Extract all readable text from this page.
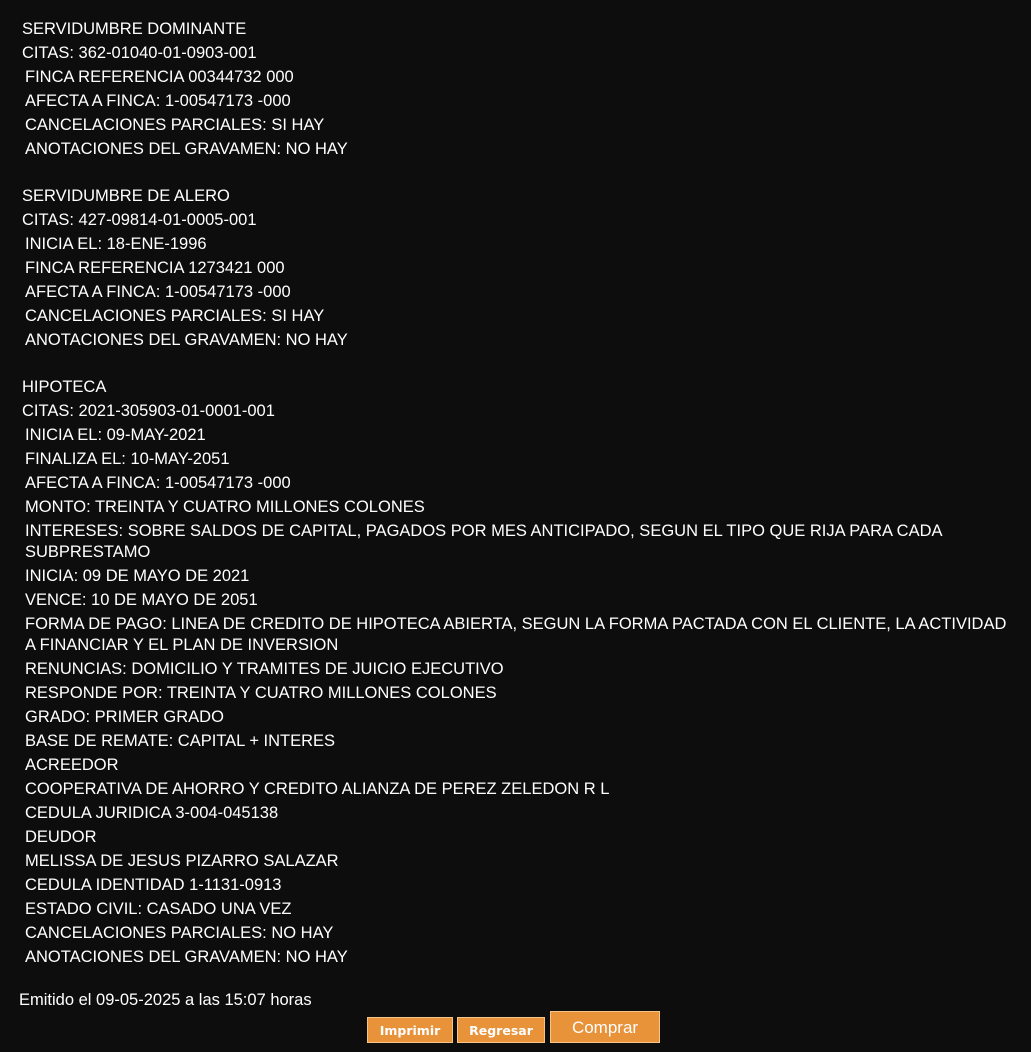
SERVIDUMBRE DOMINANTE
CITAS: 362-01040-01-0903-001
FINCA REFERENCIA 00344732 000
AFECTA A FINCA: 1-00547173 -000
CANCELACIONES PARCIALES: SI HAY
ANOTACIONES DEL GRAVAMEN: NO HAY
SERVIDUMBRE DE ALERO
CITAS: 427-09814-01-0005-001
INICIA EL: 18-ENE-1996
FINCA REFERENCIA 1273421 000
AFECTA A FINCA: 1-00547173 -000
CANCELACIONES PARCIALES: SI HAY
ANOTACIONES DEL GRAVAMEN: NO HAY
HIPOTECA
CITAS: 2021-305903-01-0001-001
INICIA EL: 09-MAY-2021
FINALIZA EL: 10-MAY-2051
AFECTA A FINCA: 1-00547173 -000
MONTO: TREINTA Y CUATRO MILLONES COLONES
INTERESES: SOBRE SALDOS DE CAPITAL, PAGADOS POR MES ANTICIPADO, SEGUN EL TIPO QUE RIJA PARA CADA SUBPRESTAMO
INICIA: 09 DE MAYO DE 2021
VENCE: 10 DE MAYO DE 2051
FORMA DE PAGO: LINEA DE CREDITO DE HIPOTECA ABIERTA, SEGUN LA FORMA PACTADA CON EL CLIENTE, LA ACTIVIDAD A FINANCIAR Y EL PLAN DE INVERSION
RENUNCIAS: DOMICILIO Y TRAMITES DE JUICIO EJECUTIVO
RESPONDE POR: TREINTA Y CUATRO MILLONES COLONES
GRADO: PRIMER GRADO
BASE DE REMATE: CAPITAL + INTERES
ACREEDOR
COOPERATIVA DE AHORRO Y CREDITO ALIANZA DE PEREZ ZELEDON R L
CEDULA JURIDICA 3-004-045138
DEUDOR
MELISSA DE JESUS PIZARRO SALAZAR
CEDULA IDENTIDAD 1-1131-0913
ESTADO CIVIL: CASADO UNA VEZ
CANCELACIONES PARCIALES: NO HAY
ANOTACIONES DEL GRAVAMEN: NO HAY
Emitido el 09-05-2025 a las 15:07 horas
Imprimir	Regresar	Comprar
